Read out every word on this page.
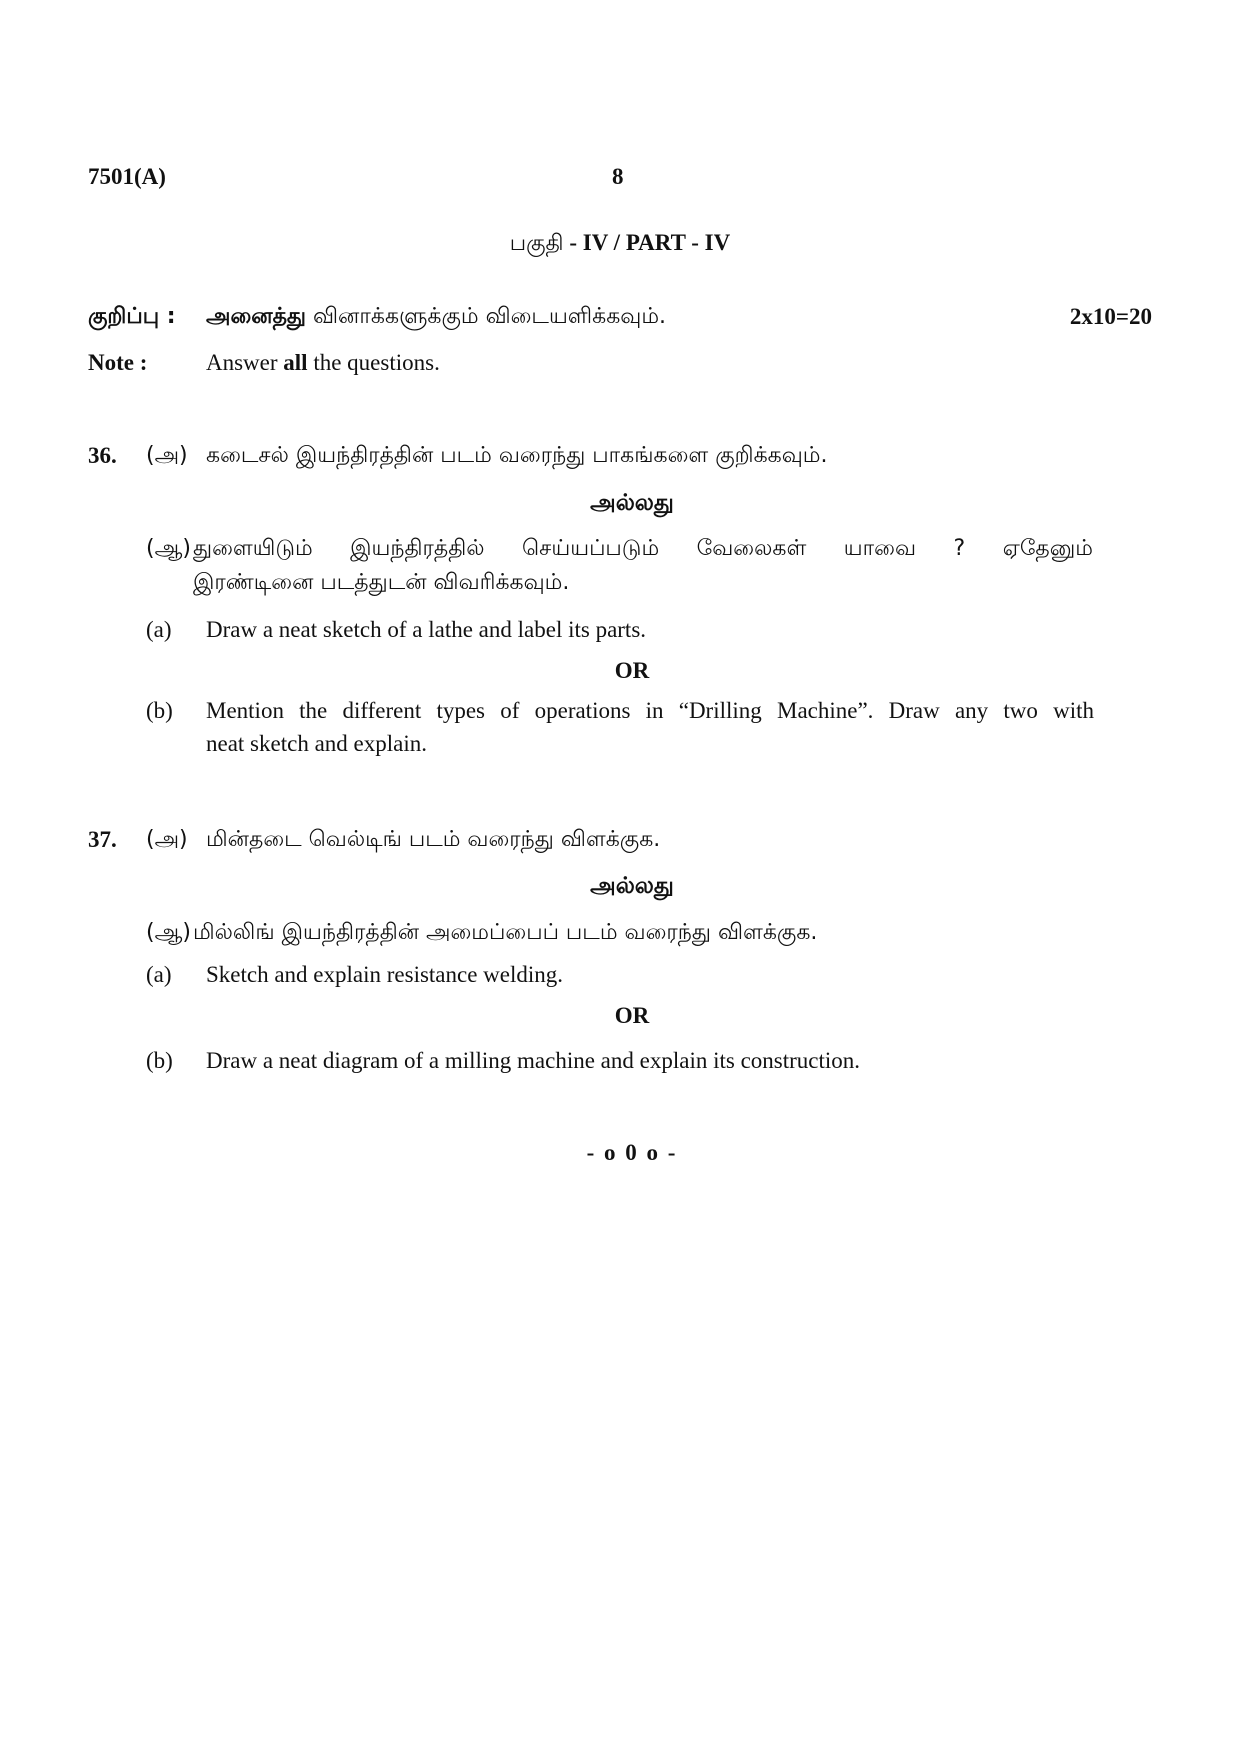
7501(A)	8
பகுதி - IV / PART - IV
குறிப்பு : அனைத்து வினாக்களுக்கும் விடையளிக்கவும்.	2x10=20
Note :	Answer all the questions.
36. (அ) கடைசல் இயந்திரத்தின் படம் வரைந்து பாகங்களை குறிக்கவும்.
அல்லது
(ஆ) துளையிடும் இயந்திரத்தில் செய்யப்படும் வேலைகள் யாவை ? ஏதேனும்
இரண்டினை படத்துடன் விவரிக்கவும்.
(a) Draw a neat sketch of a lathe and label its parts.
OR
(b) Mention the different types of operations in “Drilling Machine”. Draw any two with
neat sketch and explain.
37. (அ) மின்தடை வெல்டிங் படம் வரைந்து விளக்குக.
அல்லது
(ஆ) மில்லிங் இயந்திரத்தின் அமைப்பைப் படம் வரைந்து விளக்குக.
(a) Sketch and explain resistance welding.
OR
(b) Draw a neat diagram of a milling machine and explain its construction.
- o 0 o -
